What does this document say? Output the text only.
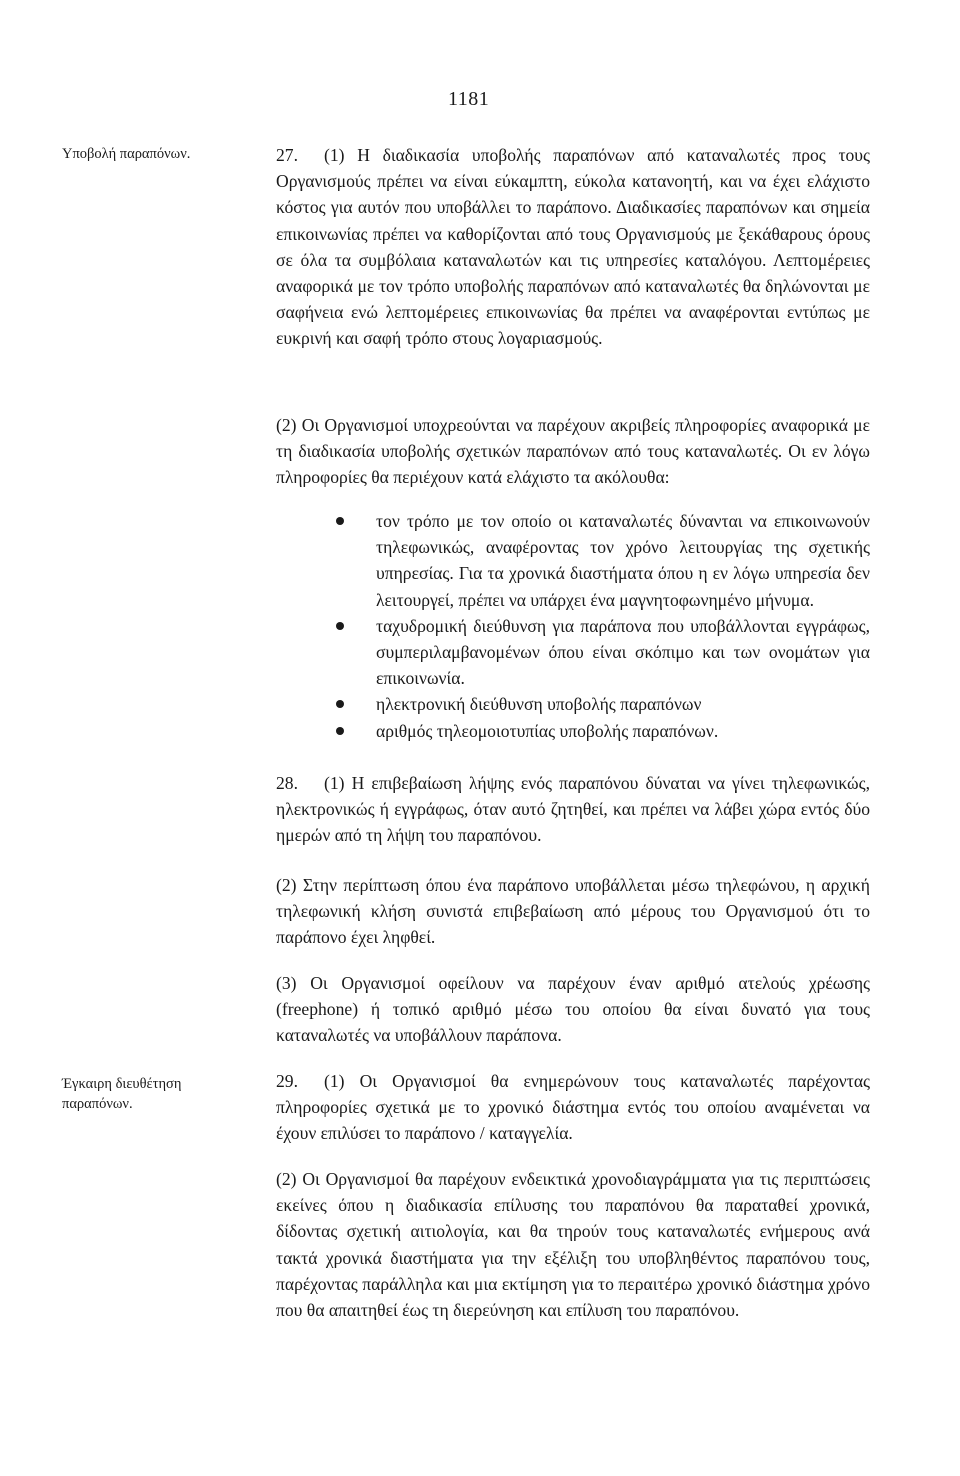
1181
Υποβολή παραπόνων.
Έγκαιρη διευθέτηση παραπόνων.
27. (1) Η διαδικασία υποβολής παραπόνων από καταναλωτές προς τους Οργανισμούς πρέπει να είναι εύκαμπτη, εύκολα κατανοητή, και να έχει ελάχιστο κόστος για αυτόν που υποβάλλει το παράπονο. Διαδικασίες παραπόνων και σημεία επικοινωνίας πρέπει να καθορίζονται από τους Οργανισμούς με ξεκάθαρους όρους σε όλα τα συμβόλαια καταναλωτών και τις υπηρεσίες καταλόγου. Λεπτομέρειες αναφορικά με τον τρόπο υποβολής παραπόνων από καταναλωτές θα δηλώνονται με σαφήνεια ενώ λεπτομέρειες επικοινωνίας θα πρέπει να αναφέρονται εντύπως με ευκρινή και σαφή τρόπο στους λογαριασμούς.
(2) Οι Οργανισμοί υποχρεούνται να παρέχουν ακριβείς πληροφορίες αναφορικά με τη διαδικασία υποβολής σχετικών παραπόνων από τους καταναλωτές. Οι εν λόγω πληροφορίες θα περιέχουν κατά ελάχιστο τα ακόλουθα:
τον τρόπο με τον οποίο οι καταναλωτές δύνανται να επικοινωνούν τηλεφωνικώς, αναφέροντας τον χρόνο λειτουργίας της σχετικής υπηρεσίας. Για τα χρονικά διαστήματα όπου η εν λόγω υπηρεσία δεν λειτουργεί, πρέπει να υπάρχει ένα μαγνητοφωνημένο μήνυμα.
ταχυδρομική διεύθυνση για παράπονα που υποβάλλονται εγγράφως, συμπεριλαμβανομένων όπου είναι σκόπιμο και των ονομάτων για επικοινωνία.
ηλεκτρονική διεύθυνση υποβολής παραπόνων
αριθμός τηλεομοιοτυπίας υποβολής παραπόνων.
28. (1) Η επιβεβαίωση λήψης ενός παραπόνου δύναται να γίνει τηλεφωνικώς, ηλεκτρονικώς ή εγγράφως, όταν αυτό ζητηθεί, και πρέπει να λάβει χώρα εντός δύο ημερών από τη λήψη του παραπόνου.
(2) Στην περίπτωση όπου ένα παράπονο υποβάλλεται μέσω τηλεφώνου, η αρχική τηλεφωνική κλήση συνιστά επιβεβαίωση από μέρους του Οργανισμού ότι το παράπονο έχει ληφθεί.
(3) Οι Οργανισμοί οφείλουν να παρέχουν έναν αριθμό ατελούς χρέωσης (freephone) ή τοπικό αριθμό μέσω του οποίου θα είναι δυνατό για τους καταναλωτές να υποβάλλουν παράπονα.
29. (1) Οι Οργανισμοί θα ενημερώνουν τους καταναλωτές παρέχοντας πληροφορίες σχετικά με το χρονικό διάστημα εντός του οποίου αναμένεται να έχουν επιλύσει το παράπονο / καταγγελία.
(2) Οι Οργανισμοί θα παρέχουν ενδεικτικά χρονοδιαγράμματα για τις περιπτώσεις εκείνες όπου η διαδικασία επίλυσης του παραπόνου θα παραταθεί χρονικά, δίδοντας σχετική αιτιολογία, και θα τηρούν τους καταναλωτές ενήμερους ανά τακτά χρονικά διαστήματα για την εξέλιξη του υποβληθέντος παραπόνου τους, παρέχοντας παράλληλα και μια εκτίμηση για το περαιτέρω χρονικό διάστημα χρόνο που θα απαιτηθεί έως τη διερεύνηση και επίλυση του παραπόνου.
